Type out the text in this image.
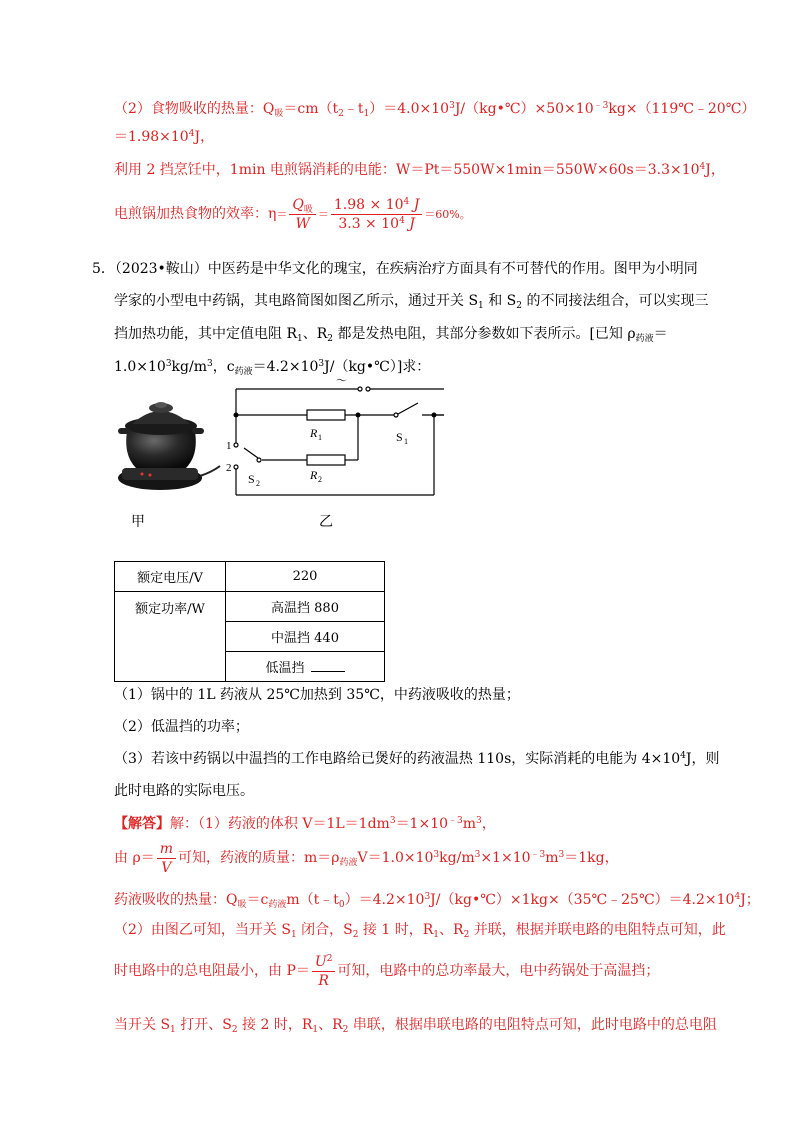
（2）食物吸收的热量：$Q_吸=cm(t_2﹣t_1)=4.0\times 10^3J/(kg•℃)\times 50\times 10^{﹣3}kg\times(119℃﹣20℃)$
$=1.98\times 10^4J$，
利用 2 挡烹饪中，1min 电煎锅消耗的电能：$W=Pt=550W\times 1\min=550W\times 60s=3.3\times 10^4J$，
电煎锅加热食物的效率：$\eta= \frac{Q_吸}{W} = \frac{1.98 \times 10^4 J}{3.3 \times 10^4 J} =60\%$。
5．（2023•鞍山）中医药是中华文化的瑰宝，在疾病治疗方面具有不可替代的作用。图甲为小明同
学家的小型电中药锅，其电路简图如图乙所示，通过开关 $S_1$ 和 $S_2$ 的不同接法组合，可以实现三
挡加热功能，其中定值电阻 $R_1$、$R_2$ 都是发热电阻，其部分参数如下表所示。[已知 $\rho_{药液}=$
$1.0\times 10^3kg/m^3$，$c_{药液}=4.2\times 10^3J/(kg•℃)$]求：
甲
～
R 1
R 2
S 1
S 2
1
2
乙
额定电压/V	220
额定功率/W	高温挡 880
	中温挡 440
	低温挡
（1）锅中的 1L 药液从 25℃加热到 35℃，中药液吸收的热量；
（2）低温挡的功率；
（3）若该中药锅以中温挡的工作电路给已煲好的药液温热 110s，实际消耗的电能为 $4\times 10^4J$，则
此时电路的实际电压。
【解答】解：（1）药液的体积 $V=1L=1dm^3=1\times 10^{﹣3}m^3$，
由 $\rho= \frac{m}{V}$ 可知，药液的质量：$m=\rho_{药液}V=1.0\times 10^3kg/m^3\times 1\times 10^{﹣3}m^3=1kg$，
药液吸收的热量：$Q_吸=c_{药液}m(t﹣t_0)=4.2\times 10^3J/(kg•℃)\times 1kg\times(35℃﹣25℃)=4.2\times 10^4J$；
（2）由图乙可知，当开关 $S_1$ 闭合，$S_2$ 接 1 时，$R_1$、$R_2$ 并联，根据并联电路的电阻特点可知，此
时电路中的总电阻最小，由 $P= \frac{U^2}{R}$ 可知，电路中的总功率最大，电中药锅处于高温挡；
当开关 $S_1$ 打开、$S_2$ 接 2 时，$R_1$、$R_2$ 串联，根据串联电路的电阻特点可知，此时电路中的总电阻
